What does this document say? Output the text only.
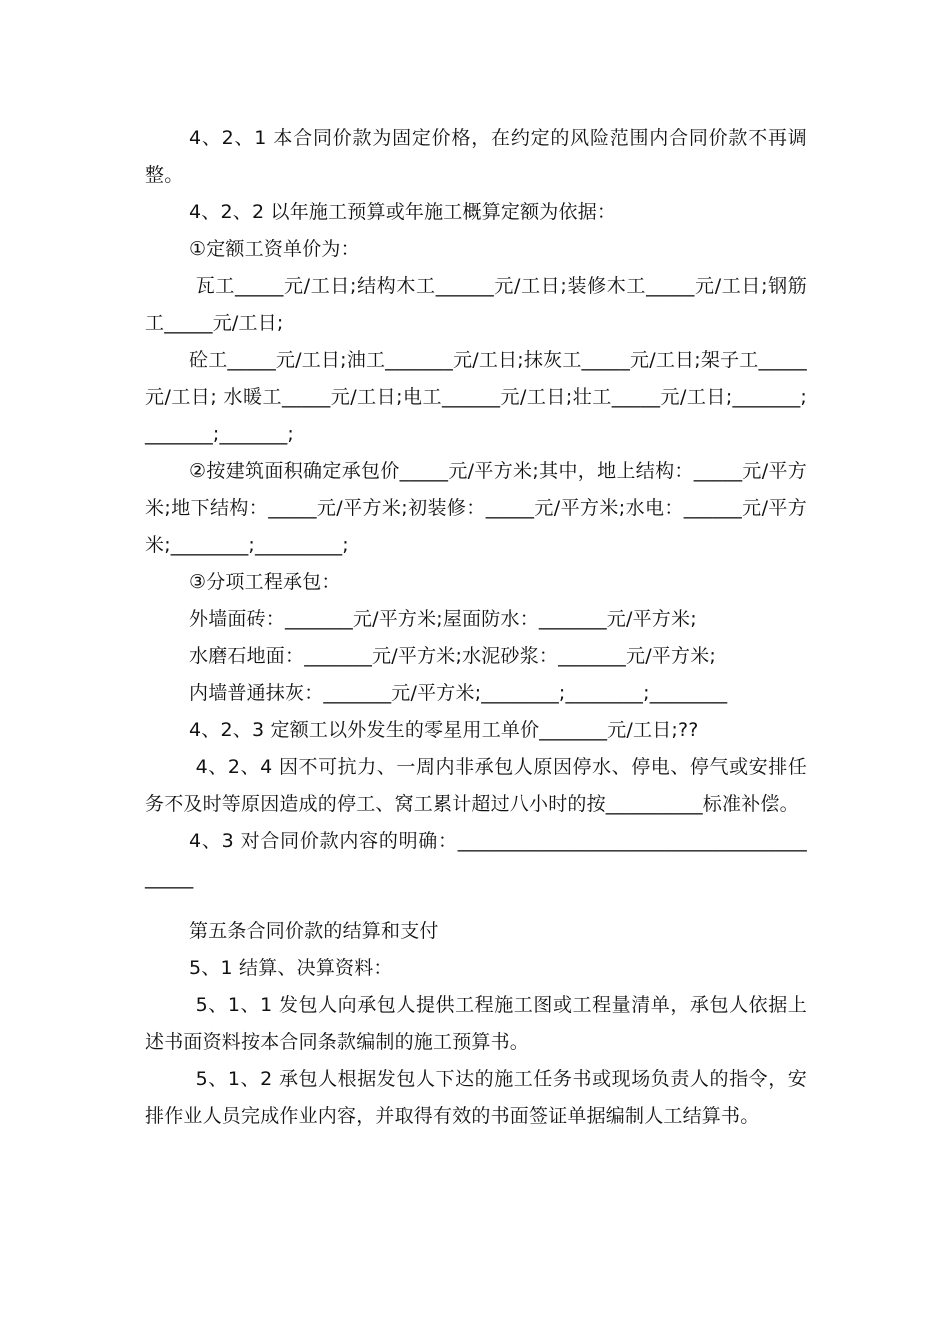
4、2、1 本合同价款为固定价格，在约定的风险范围内合同价款不再调整。

4、2、2 以年施工预算或年施工概算定额为依据：

①定额工资单价为：

瓦工_____元/工日;结构木工______元/工日;装修木工_____元/工日;钢筋工_____元/工日;

砼工_____元/工日;油工_______元/工日;抹灰工_____元/工日;架子工_____元/工日; 水暖工_____元/工日;电工______元/工日;壮工_____元/工日;_______;_______;_______;

②按建筑面积确定承包价_____元/平方米;其中，地上结构：_____元/平方米;地下结构：_____元/平方米;初装修：_____元/平方米;水电：______元/平方米;________;_________;

③分项工程承包：

外墙面砖：_______元/平方米;屋面防水：_______元/平方米;

水磨石地面：_______元/平方米;水泥砂浆：_______元/平方米;

内墙普通抹灰：_______元/平方米;________;________;________

4、2、3 定额工以外发生的零星用工单价_______元/工日;??

4、2、4 因不可抗力、一周内非承包人原因停水、停电、停气或安排任务不及时等原因造成的停工、窝工累计超过八小时的按__________标准补偿。

4、3 对合同价款内容的明确：_________________________________________

第五条合同价款的结算和支付

5、1 结算、决算资料：

5、1、1 发包人向承包人提供工程施工图或工程量清单，承包人依据上述书面资料按本合同条款编制的施工预算书。

5、1、2 承包人根据发包人下达的施工任务书或现场负责人的指令，安排作业人员完成作业内容，并取得有效的书面签证单据编制人工结算书。
